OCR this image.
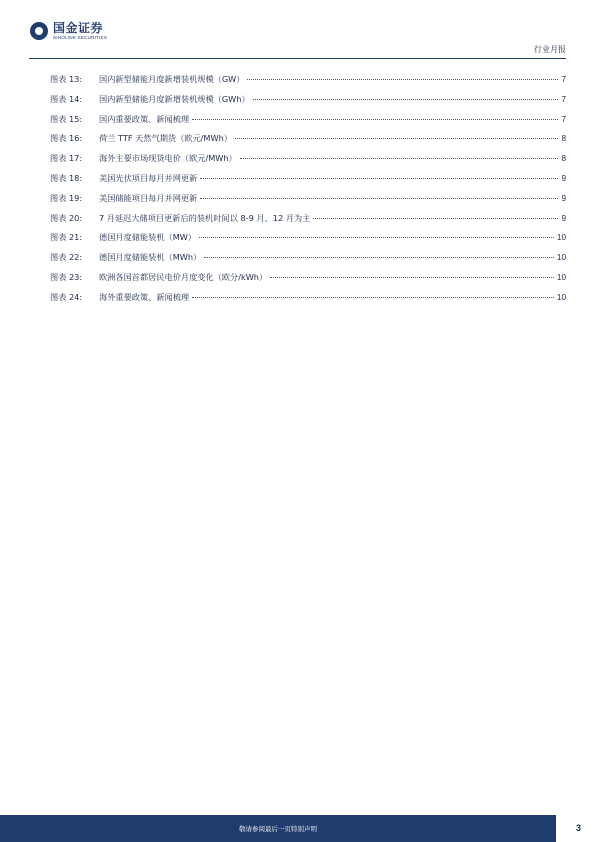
国金证券
SINOLINK SECURITIES
行业月报
图表 13:	国内新型储能月度新增装机规模（GW）	7
图表 14:	国内新型储能月度新增装机规模（GWh）	7
图表 15:	国内重要政策、新闻梳理	7
图表 16:	荷兰 TTF 天然气期货（欧元/MWh）	8
图表 17:	海外主要市场现货电价（欧元/MWh）	8
图表 18:	美国光伏项目每月并网更新	9
图表 19:	美国储能项目每月并网更新	9
图表 20:	7 月延迟大储项目更新后的装机时间以 8-9 月、12 月为主	9
图表 21:	德国月度储能装机（MW）	10
图表 22:	德国月度储能装机（MWh）	10
图表 23:	欧洲各国首都居民电价月度变化（欧分/kWh）	10
图表 24:	海外重要政策、新闻梳理	10
敬请参阅最后一页特别声明	3
